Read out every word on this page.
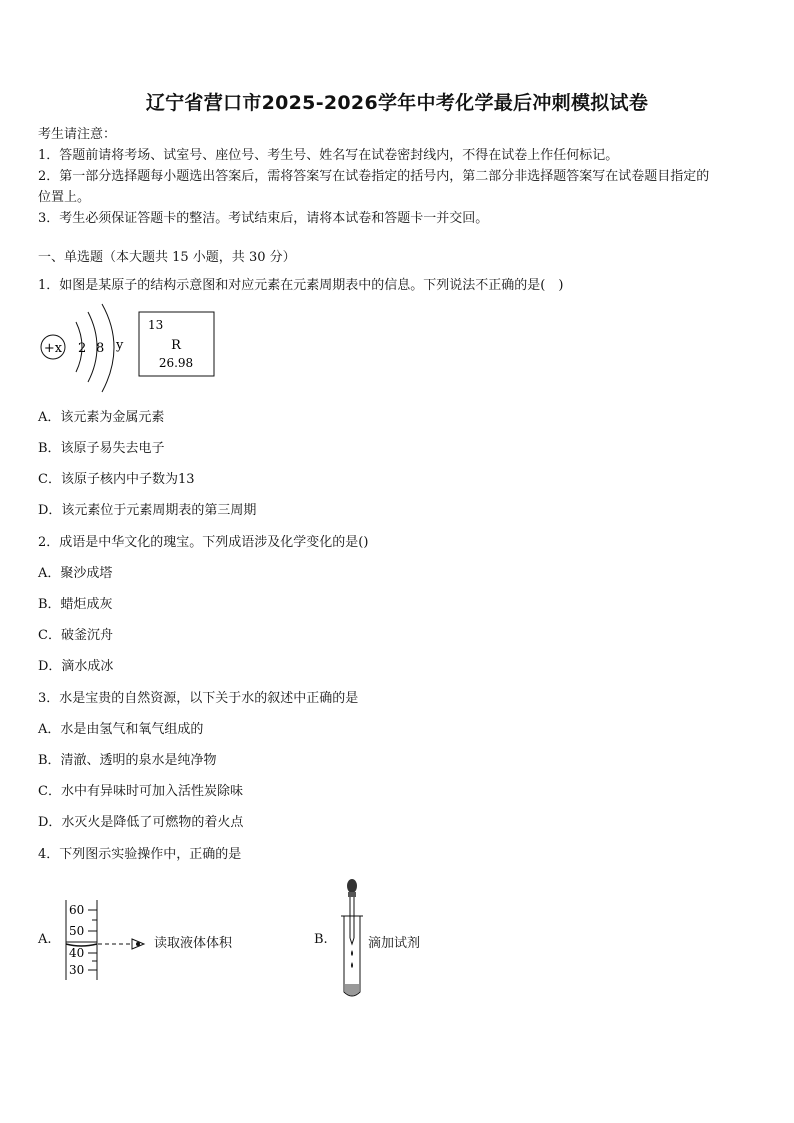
辽宁省营口市2025-2026学年中考化学最后冲刺模拟试卷
考生请注意：
1．答题前请将考场、试室号、座位号、考生号、姓名写在试卷密封线内，不得在试卷上作任何标记。
2．第一部分选择题每小题选出答案后，需将答案写在试卷指定的括号内，第二部分非选择题答案写在试卷题目指定的
位置上。
3．考生必须保证答题卡的整洁。考试结束后，请将本试卷和答题卡一并交回。
一、单选题（本大题共 15 小题，共 30 分）
1．如图是某原子的结构示意图和对应元素在元素周期表中的信息。下列说法不正确的是(　)
+x 2 8 y
13
R
26.98
A．该元素为金属元素
B．该原子易失去电子
C．该原子核内中子数为13
D．该元素位于元素周期表的第三周期
2．成语是中华文化的瑰宝。下列成语涉及化学变化的是()
A．聚沙成塔
B．蜡炬成灰
C．破釜沉舟
D．滴水成冰
3．水是宝贵的自然资源，以下关于水的叙述中正确的是
A．水是由氢气和氧气组成的
B．清澈、透明的泉水是纯净物
C．水中有异味时可加入活性炭除味
D．水灭火是降低了可燃物的着火点
4．下列图示实验操作中，正确的是
A.
60
50
40
30
读取液体体积	B.	滴加试剂
